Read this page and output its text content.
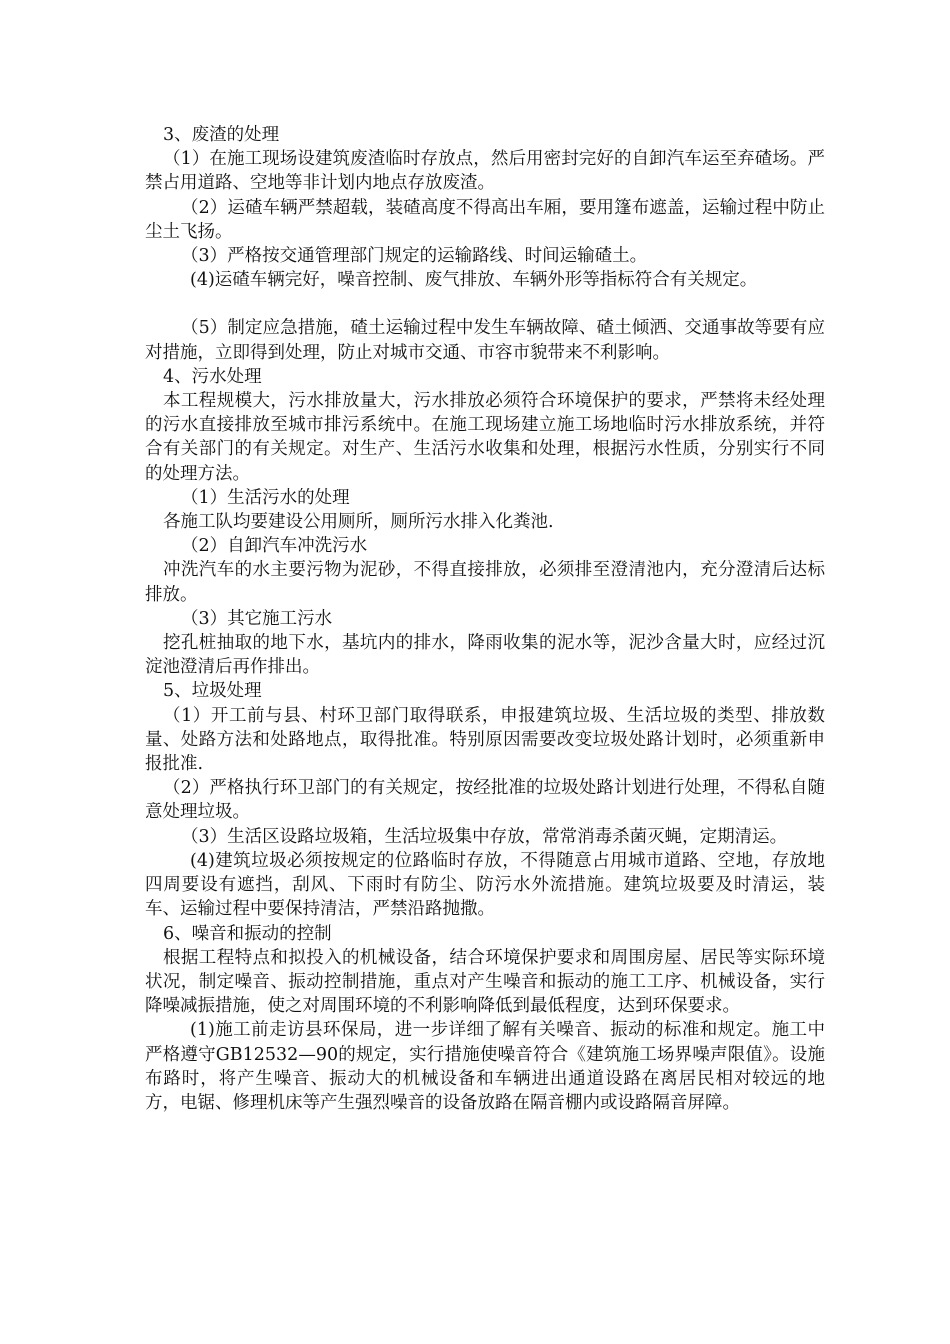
3、废渣的处理

（1）在施工现场设建筑废渣临时存放点，然后用密封完好的自卸汽车运至弃碴场。严禁占用道路、空地等非计划内地点存放废渣。

（2）运碴车辆严禁超载，装碴高度不得高出车厢，要用篷布遮盖，运输过程中防止尘土飞扬。

（3）严格按交通管理部门规定的运输路线、时间运输碴土。

(4)运碴车辆完好，噪音控制、废气排放、车辆外形等指标符合有关规定。

（5）制定应急措施，碴土运输过程中发生车辆故障、碴土倾洒、交通事故等要有应对措施，立即得到处理，防止对城市交通、市容市貌带来不利影响。

4、污水处理

本工程规模大，污水排放量大，污水排放必须符合环境保护的要求，严禁将未经处理的污水直接排放至城市排污系统中。在施工现场建立施工场地临时污水排放系统，并符合有关部门的有关规定。对生产、生活污水收集和处理，根据污水性质，分别实行不同的处理方法。

（1）生活污水的处理

各施工队均要建设公用厕所，厕所污水排入化粪池.

（2）自卸汽车冲洗污水

冲洗汽车的水主要污物为泥砂，不得直接排放，必须排至澄清池内，充分澄清后达标排放。

（3）其它施工污水

挖孔桩抽取的地下水，基坑内的排水，降雨收集的泥水等，泥沙含量大时，应经过沉淀池澄清后再作排出。

5、垃圾处理

（1）开工前与县、村环卫部门取得联系，申报建筑垃圾、生活垃圾的类型、排放数量、处路方法和处路地点，取得批准。特别原因需要改变垃圾处路计划时，必须重新申报批准.

（2）严格执行环卫部门的有关规定，按经批准的垃圾处路计划进行处理，不得私自随意处理垃圾。

（3）生活区设路垃圾箱，生活垃圾集中存放，常常消毒杀菌灭蝇，定期清运。

(4)建筑垃圾必须按规定的位路临时存放，不得随意占用城市道路、空地，存放地四周要设有遮挡，刮风、下雨时有防尘、防污水外流措施。建筑垃圾要及时清运，装车、运输过程中要保持清洁，严禁沿路抛撒。

6、噪音和振动的控制

根据工程特点和拟投入的机械设备，结合环境保护要求和周围房屋、居民等实际环境状况，制定噪音、振动控制措施，重点对产生噪音和振动的施工工序、机械设备，实行降噪减振措施，使之对周围环境的不利影响降低到最低程度，达到环保要求。

(1)施工前走访县环保局，进一步详细了解有关噪音、振动的标准和规定。施工中严格遵守GB12532—90的规定，实行措施使噪音符合《建筑施工场界噪声限值》。设施布路时，将产生噪音、振动大的机械设备和车辆进出通道设路在离居民相对较远的地方，电锯、修理机床等产生强烈噪音的设备放路在隔音棚内或设路隔音屏障。
